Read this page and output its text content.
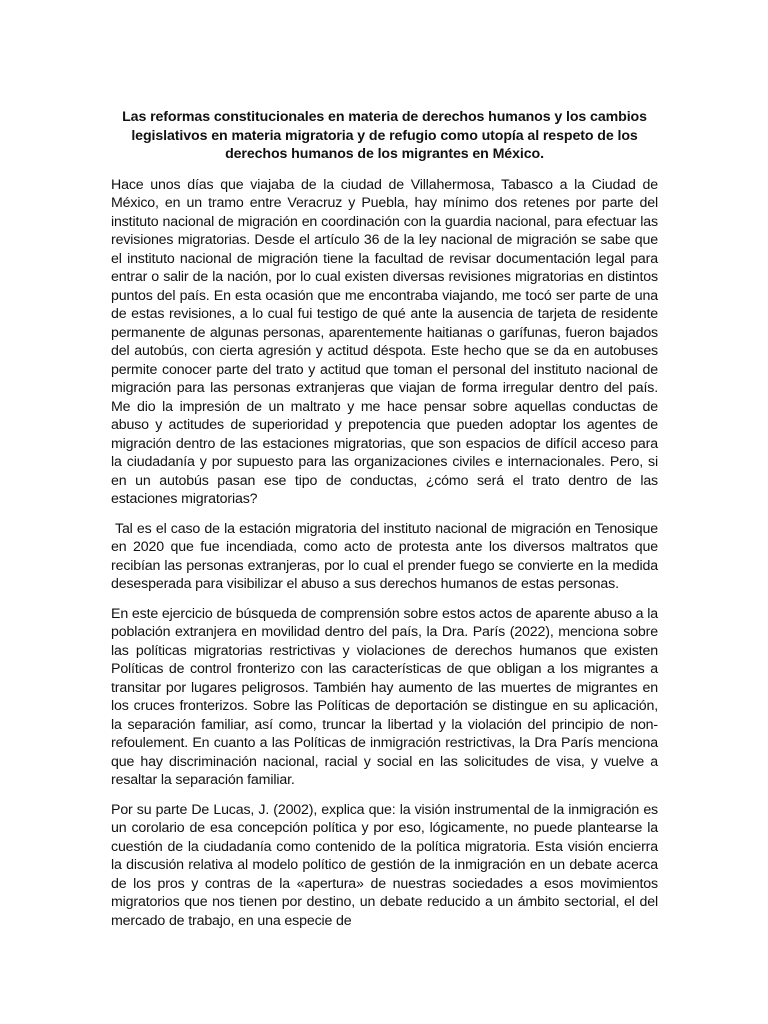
Las reformas constitucionales en materia de derechos humanos y los cambios legislativos en materia migratoria y de refugio como utopía al respeto de los derechos humanos de los migrantes en México.

Hace unos días que viajaba de la ciudad de Villahermosa, Tabasco a la Ciudad de México, en un tramo entre Veracruz y Puebla, hay mínimo dos retenes por parte del instituto nacional de migración en coordinación con la guardia nacional, para efectuar las revisiones migratorias. Desde el artículo 36 de la ley nacional de migración se sabe que el instituto nacional de migración tiene la facultad de revisar documentación legal para entrar o salir de la nación, por lo cual existen diversas revisiones migratorias en distintos puntos del país. En esta ocasión que me encontraba viajando, me tocó ser parte de una de estas revisiones, a lo cual fui testigo de qué ante la ausencia de tarjeta de residente permanente de algunas personas, aparentemente haitianas o garífunas, fueron bajados del autobús, con cierta agresión y actitud déspota. Este hecho que se da en autobuses permite conocer parte del trato y actitud que toman el personal del instituto nacional de migración para las personas extranjeras que viajan de forma irregular dentro del país. Me dio la impresión de un maltrato y me hace pensar sobre aquellas conductas de abuso y actitudes de superioridad y prepotencia que pueden adoptar los agentes de migración dentro de las estaciones migratorias, que son espacios de difícil acceso para la ciudadanía y por supuesto para las organizaciones civiles e internacionales. Pero, si en un autobús pasan ese tipo de conductas, ¿cómo será el trato dentro de las estaciones migratorias?

Tal es el caso de la estación migratoria del instituto nacional de migración en Tenosique en 2020 que fue incendiada, como acto de protesta ante los diversos maltratos que recibían las personas extranjeras, por lo cual el prender fuego se convierte en la medida desesperada para visibilizar el abuso a sus derechos humanos de estas personas.

En este ejercicio de búsqueda de comprensión sobre estos actos de aparente abuso a la población extranjera en movilidad dentro del país, la Dra. París (2022), menciona sobre las políticas migratorias restrictivas y violaciones de derechos humanos que existen Políticas de control fronterizo con las características de que obligan a los migrantes a transitar por lugares peligrosos. También hay aumento de las muertes de migrantes en los cruces fronterizos. Sobre las Políticas de deportación se distingue en su aplicación, la separación familiar, así como, truncar la libertad y la violación del principio de non-refoulement. En cuanto a las Políticas de inmigración restrictivas, la Dra París menciona que hay discriminación nacional, racial y social en las solicitudes de visa, y vuelve a resaltar la separación familiar.

Por su parte De Lucas, J. (2002), explica que: la visión instrumental de la inmigración es un corolario de esa concepción política y por eso, lógicamente, no puede plantearse la cuestión de la ciudadanía como contenido de la política migratoria. Esta visión encierra la discusión relativa al modelo político de gestión de la inmigración en un debate acerca de los pros y contras de la «apertura» de nuestras sociedades a esos movimientos migratorios que nos tienen por destino, un debate reducido a un ámbito sectorial, el del mercado de trabajo, en una especie de
